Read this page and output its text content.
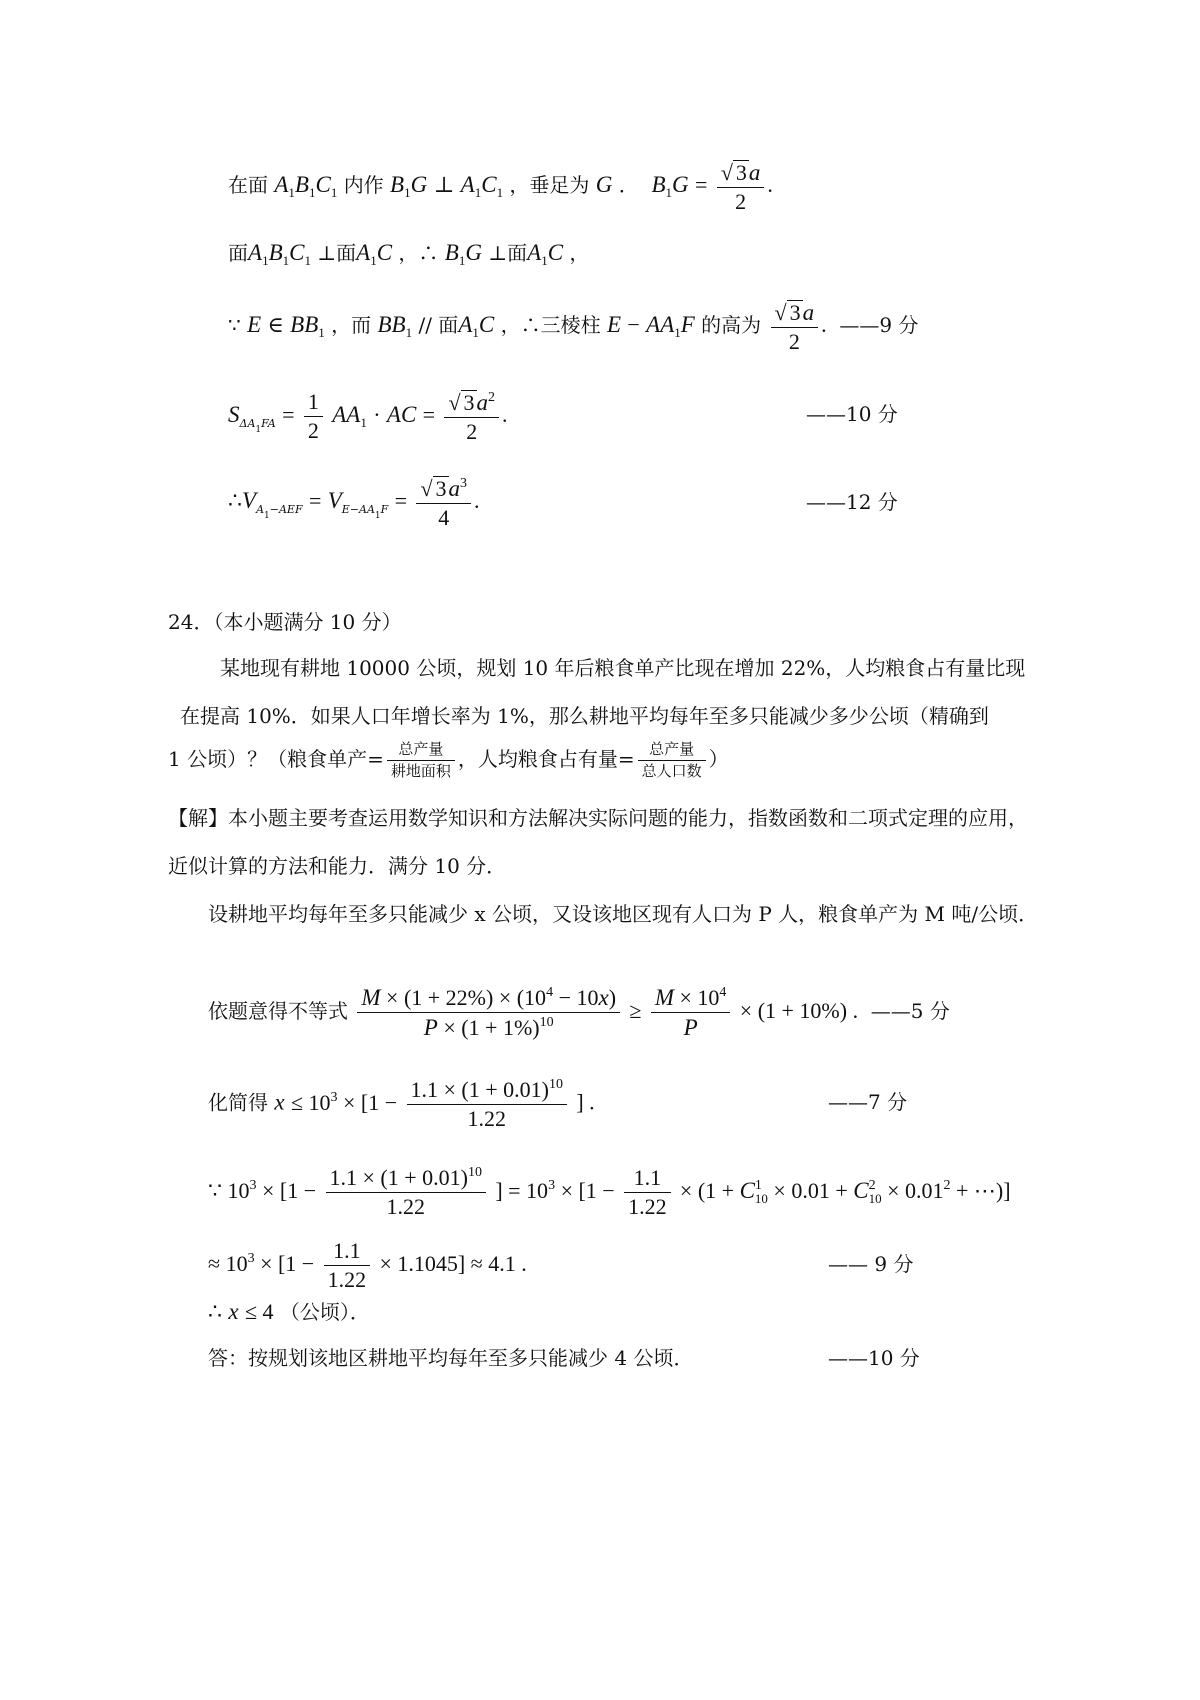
在面 $A_1B_1C_1$ 内作 $B_1G$ ⊥ $A_1C_1$ ，垂足为 G ． $B_1G = \frac{√ 3a}{2}$ .
面$A_1B_1C_1$ ⊥面$A_1C$ ，∴ $B_1G$ ⊥面$A_1C$ ，
∵ E ∈ $BB_1$ ，而 $BB_1$ // 面$A_1C$ ，∴三棱柱 $E - AA_1F$ 的高为 $\frac{√ 3a}{2}$ . ——9 分
$S_{\Delta A_1FA} = \frac{1}{2} AA_1$ · AC = $\frac{√ 3a^2}{2}$ .	——10 分
$\therefore V_{A_1-AEF} = V_{E-AA_1F} = \frac{√ 3a^3}{4}$ .	——12 分
24．（本小题满分 10 分）
某地现有耕地 10000 公顷，规划 10 年后粮食单产比现在增加 22%，人均粮食占有量比现在提高 10%．如果人口年增长率为 1%，那么耕地平均每年至多只能减少多少公顷（精确到
1 公顷）？（粮食单产= $\frac{\text{总产量}}{\text{耕地面积}}$ ，人均粮食占有量= $\frac{\text{总产量}}{\text{总人口数}}$ ）
【解】本小题主要考查运用数学知识和方法解决实际问题的能力，指数函数和二项式定理的应用，近似计算的方法和能力．满分 10 分．
设耕地平均每年至多只能减少 x 公顷，又设该地区现有人口为 P 人，粮食单产为 M 吨/公顷．
依题意得不等式 $\frac{M \times (1 + 22\%) \times (10^4 - 10x)}{P \times (1 + 1\%)^{10}} \ge \frac{M \times 10^4}{P} \times (1 + 10\%)$ . ——5 分
化简得 $x \le 10^3 \times [1 - \frac{1.1 \times (1 + 0.01)^{10}}{1.22}$ ] .	——7 分
∵ $10^3 \times [1 - \frac{1.1 \times (1 + 0.01)^{10}}{1.22}$ ] = $10^3 \times [1 - \frac{1.1}{1.22} \times (1 + C^1_{10} \times 0.01 + C^2_{10} \times 0.01^2$ + ⋯)]
≈ $10^3 \times [1 - \frac{1.1}{1.22} \times 1.1045] \approx 4.1$ .	—— 9 分
∴ x ≤ 4 （公顷）．
答：按规划该地区耕地平均每年至多只能减少 4 公顷．	——10 分
